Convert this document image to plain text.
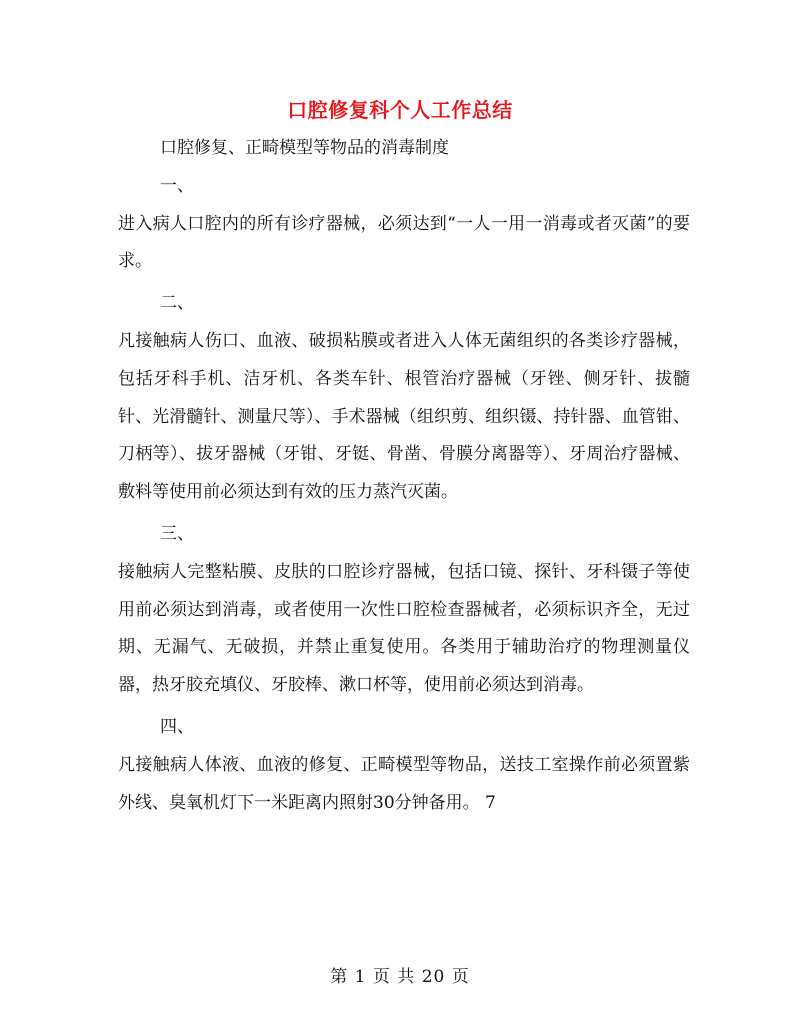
口腔修复科个人工作总结

口腔修复、正畸模型等物品的消毒制度

一、

进入病人口腔内的所有诊疗器械，必须达到“一人一用一消毒或者灭菌”的要求。

二、

凡接触病人伤口、血液、破损粘膜或者进入人体无菌组织的各类诊疗器械，包括牙科手机、洁牙机、各类车针、根管治疗器械（牙锉、侧牙针、拔髓针、光滑髓针、测量尺等）、手术器械（组织剪、组织镊、持针器、血管钳、刀柄等）、拔牙器械（牙钳、牙铤、骨凿、骨膜分离器等）、牙周治疗器械、敷料等使用前必须达到有效的压力蒸汽灭菌。

三、

接触病人完整粘膜、皮肤的口腔诊疗器械，包括口镜、探针、牙科镊子等使用前必须达到消毒，或者使用一次性口腔检查器械者，必须标识齐全，无过期、无漏气、无破损，并禁止重复使用。各类用于辅助治疗的物理测量仪器，热牙胶充填仪、牙胶棒、漱口杯等，使用前必须达到消毒。

四、

凡接触病人体液、血液的修复、正畸模型等物品，送技工室操作前必须置紫外线、臭氧机灯下一米距离内照射30分钟备用。 7

第 1 页 共 20 页
